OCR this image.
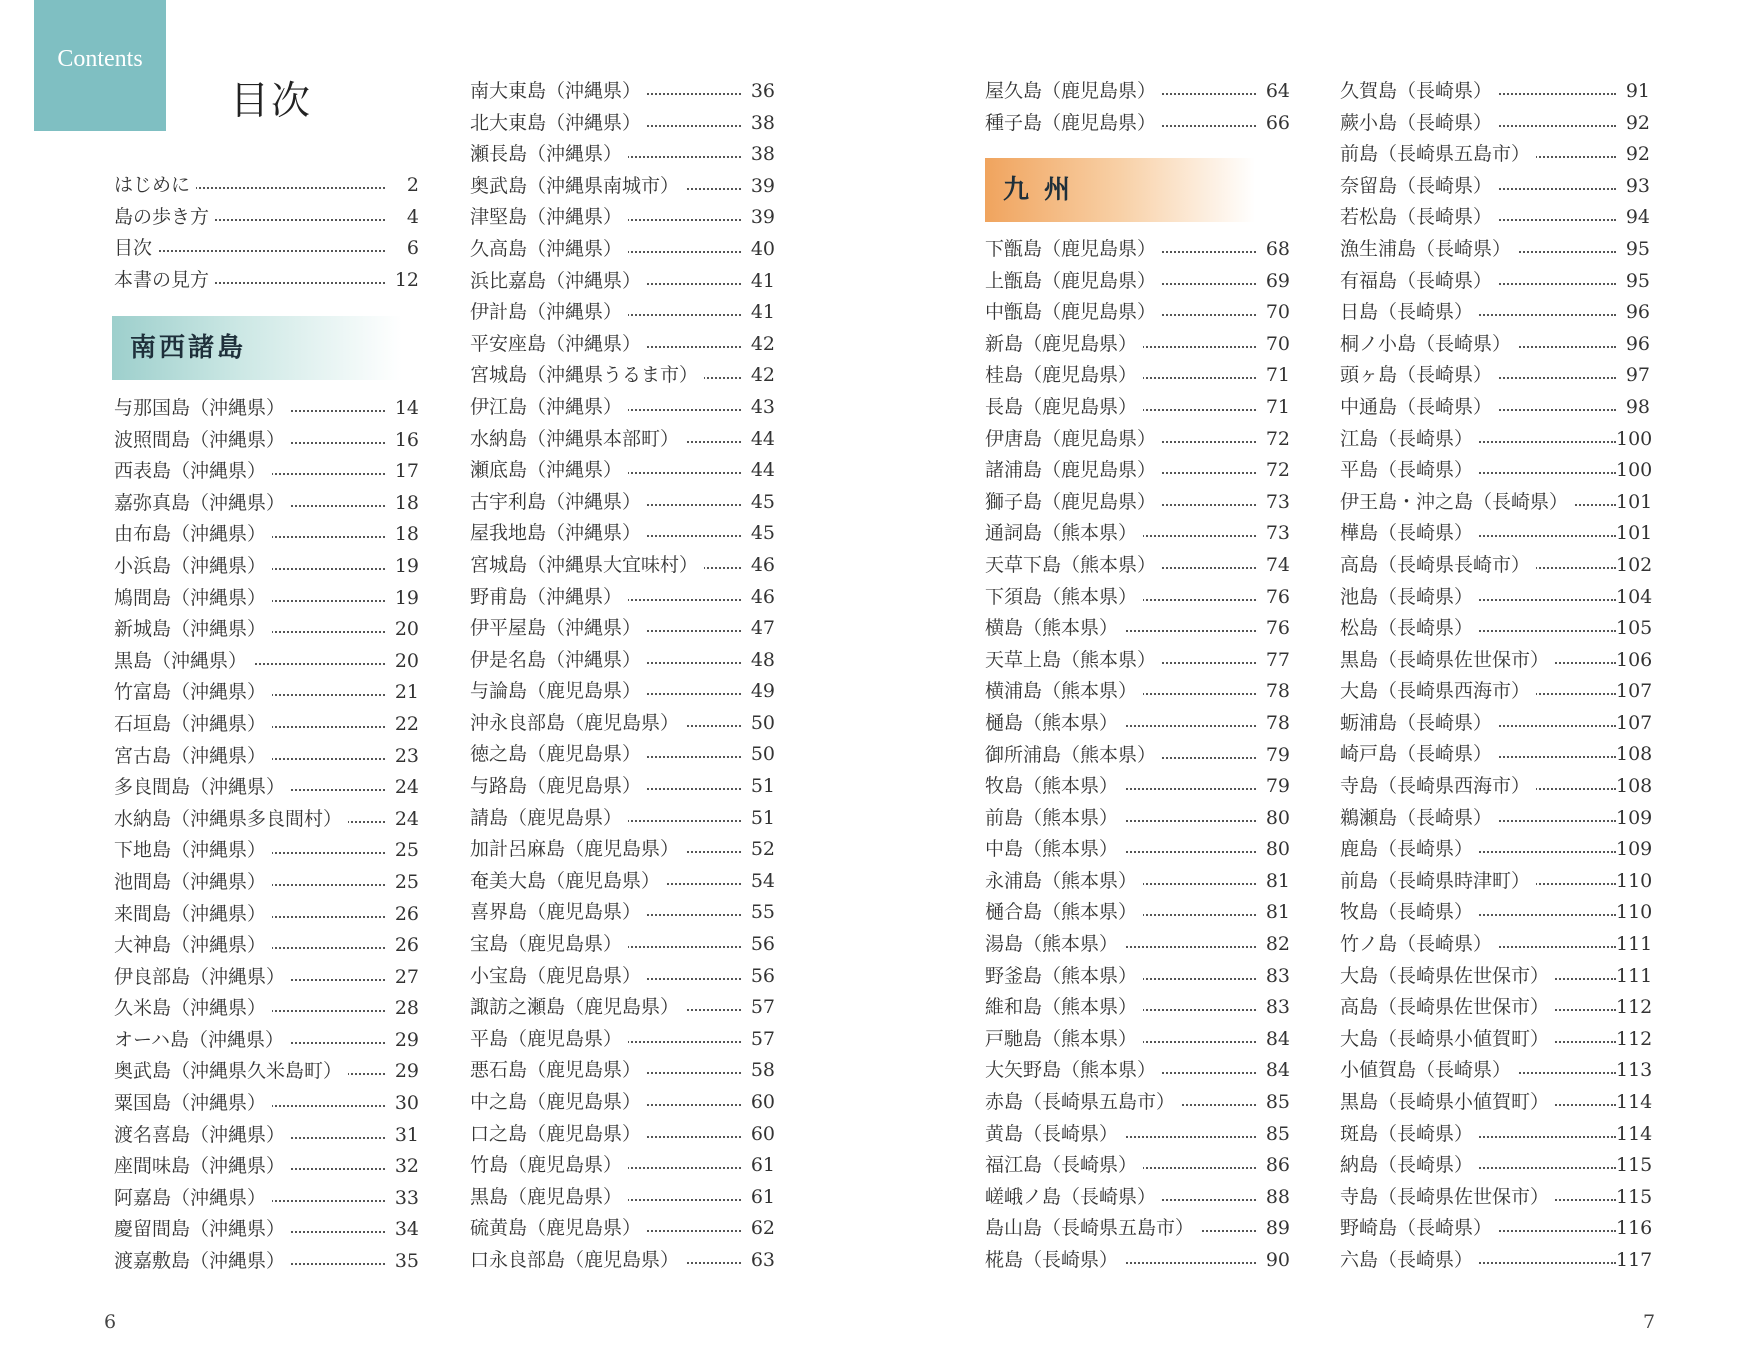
Contents
目次
はじめに	2
島の歩き方	4
目次	6
本書の見方	12
南西諸島
与那国島（沖縄県）	14
波照間島（沖縄県）	16
西表島（沖縄県）	17
嘉弥真島（沖縄県）	18
由布島（沖縄県）	18
小浜島（沖縄県）	19
鳩間島（沖縄県）	19
新城島（沖縄県）	20
黒島（沖縄県）	20
竹富島（沖縄県）	21
石垣島（沖縄県）	22
宮古島（沖縄県）	23
多良間島（沖縄県）	24
水納島（沖縄県多良間村）	24
下地島（沖縄県）	25
池間島（沖縄県）	25
来間島（沖縄県）	26
大神島（沖縄県）	26
伊良部島（沖縄県）	27
久米島（沖縄県）	28
オーハ島（沖縄県）	29
奥武島（沖縄県久米島町）	29
粟国島（沖縄県）	30
渡名喜島（沖縄県）	31
座間味島（沖縄県）	32
阿嘉島（沖縄県）	33
慶留間島（沖縄県）	34
渡嘉敷島（沖縄県）	35
南大東島（沖縄県）	36
北大東島（沖縄県）	38
瀬長島（沖縄県）	38
奥武島（沖縄県南城市）	39
津堅島（沖縄県）	39
久高島（沖縄県）	40
浜比嘉島（沖縄県）	41
伊計島（沖縄県）	41
平安座島（沖縄県）	42
宮城島（沖縄県うるま市）	42
伊江島（沖縄県）	43
水納島（沖縄県本部町）	44
瀬底島（沖縄県）	44
古宇利島（沖縄県）	45
屋我地島（沖縄県）	45
宮城島（沖縄県大宜味村）	46
野甫島（沖縄県）	46
伊平屋島（沖縄県）	47
伊是名島（沖縄県）	48
与論島（鹿児島県）	49
沖永良部島（鹿児島県）	50
徳之島（鹿児島県）	50
与路島（鹿児島県）	51
請島（鹿児島県）	51
加計呂麻島（鹿児島県）	52
奄美大島（鹿児島県）	54
喜界島（鹿児島県）	55
宝島（鹿児島県）	56
小宝島（鹿児島県）	56
諏訪之瀬島（鹿児島県）	57
平島（鹿児島県）	57
悪石島（鹿児島県）	58
中之島（鹿児島県）	60
口之島（鹿児島県）	60
竹島（鹿児島県）	61
黒島（鹿児島県）	61
硫黄島（鹿児島県）	62
口永良部島（鹿児島県）	63
屋久島（鹿児島県）	64
種子島（鹿児島県）	66
九 州
下甑島（鹿児島県）	68
上甑島（鹿児島県）	69
中甑島（鹿児島県）	70
新島（鹿児島県）	70
桂島（鹿児島県）	71
長島（鹿児島県）	71
伊唐島（鹿児島県）	72
諸浦島（鹿児島県）	72
獅子島（鹿児島県）	73
通詞島（熊本県）	73
天草下島（熊本県）	74
下須島（熊本県）	76
横島（熊本県）	76
天草上島（熊本県）	77
横浦島（熊本県）	78
樋島（熊本県）	78
御所浦島（熊本県）	79
牧島（熊本県）	79
前島（熊本県）	80
中島（熊本県）	80
永浦島（熊本県）	81
樋合島（熊本県）	81
湯島（熊本県）	82
野釜島（熊本県）	83
維和島（熊本県）	83
戸馳島（熊本県）	84
大矢野島（熊本県）	84
赤島（長崎県五島市）	85
黄島（長崎県）	85
福江島（長崎県）	86
嵯峨ノ島（長崎県）	88
島山島（長崎県五島市）	89
椛島（長崎県）	90
久賀島（長崎県）	91
蕨小島（長崎県）	92
前島（長崎県五島市）	92
奈留島（長崎県）	93
若松島（長崎県）	94
漁生浦島（長崎県）	95
有福島（長崎県）	95
日島（長崎県）	96
桐ノ小島（長崎県）	96
頭ヶ島（長崎県）	97
中通島（長崎県）	98
江島（長崎県）	100
平島（長崎県）	100
伊王島・沖之島（長崎県）	101
樺島（長崎県）	101
高島（長崎県長崎市）	102
池島（長崎県）	104
松島（長崎県）	105
黒島（長崎県佐世保市）	106
大島（長崎県西海市）	107
蛎浦島（長崎県）	107
崎戸島（長崎県）	108
寺島（長崎県西海市）	108
鵜瀬島（長崎県）	109
鹿島（長崎県）	109
前島（長崎県時津町）	110
牧島（長崎県）	110
竹ノ島（長崎県）	111
大島（長崎県佐世保市）	111
高島（長崎県佐世保市）	112
大島（長崎県小値賀町）	112
小値賀島（長崎県）	113
黒島（長崎県小値賀町）	114
斑島（長崎県）	114
納島（長崎県）	115
寺島（長崎県佐世保市）	115
野崎島（長崎県）	116
六島（長崎県）	117
6	7
